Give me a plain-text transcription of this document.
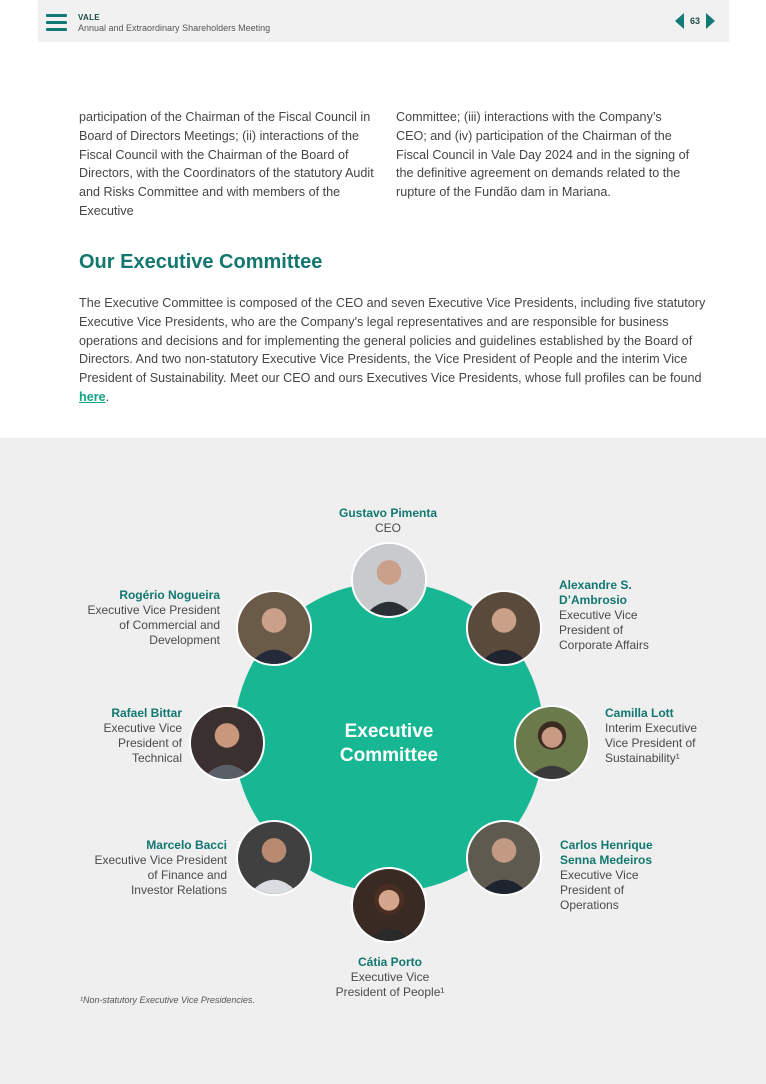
VALE
Annual and Extraordinary Shareholders Meeting
63
participation of the Chairman of the Fiscal Council in Board of Directors Meetings; (ii) interactions of the Fiscal Council with the Chairman of the Board of Directors, with the Coordinators of the statutory Audit and Risks Committee and with members of the Executive
Committee; (iii) interactions with the Company’s CEO; and (iv) participation of the Chairman of the Fiscal Council in Vale Day 2024 and in the signing of the definitive agreement on demands related to the rupture of the Fundão dam in Mariana.
Our Executive Committee
The Executive Committee is composed of the CEO and seven Executive Vice Presidents, including five statutory Executive Vice Presidents, who are the Company's legal representatives and are responsible for business operations and decisions and for implementing the general policies and guidelines established by the Board of Directors. And two non-statutory Executive Vice Presidents, the Vice President of People and the interim Vice President of Sustainability. Meet our CEO and ours Executives Vice Presidents, whose full profiles can be found here.
Executive
Committee
Gustavo Pimenta
CEO
Alexandre S.
D’Ambrosio
Executive Vice
President of
Corporate Affairs
Camilla Lott
Interim Executive
Vice President of
Sustainability¹
Carlos Henrique
Senna Medeiros
Executive Vice
President of
Operations
Cátia Porto
Executive Vice
President of People¹
Marcelo Bacci
Executive Vice President
of Finance and
Investor Relations
Rafael Bittar
Executive Vice
President of
Technical
Rogério Nogueira
Executive Vice President
of Commercial and
Development
¹Non-statutory Executive Vice Presidencies.
